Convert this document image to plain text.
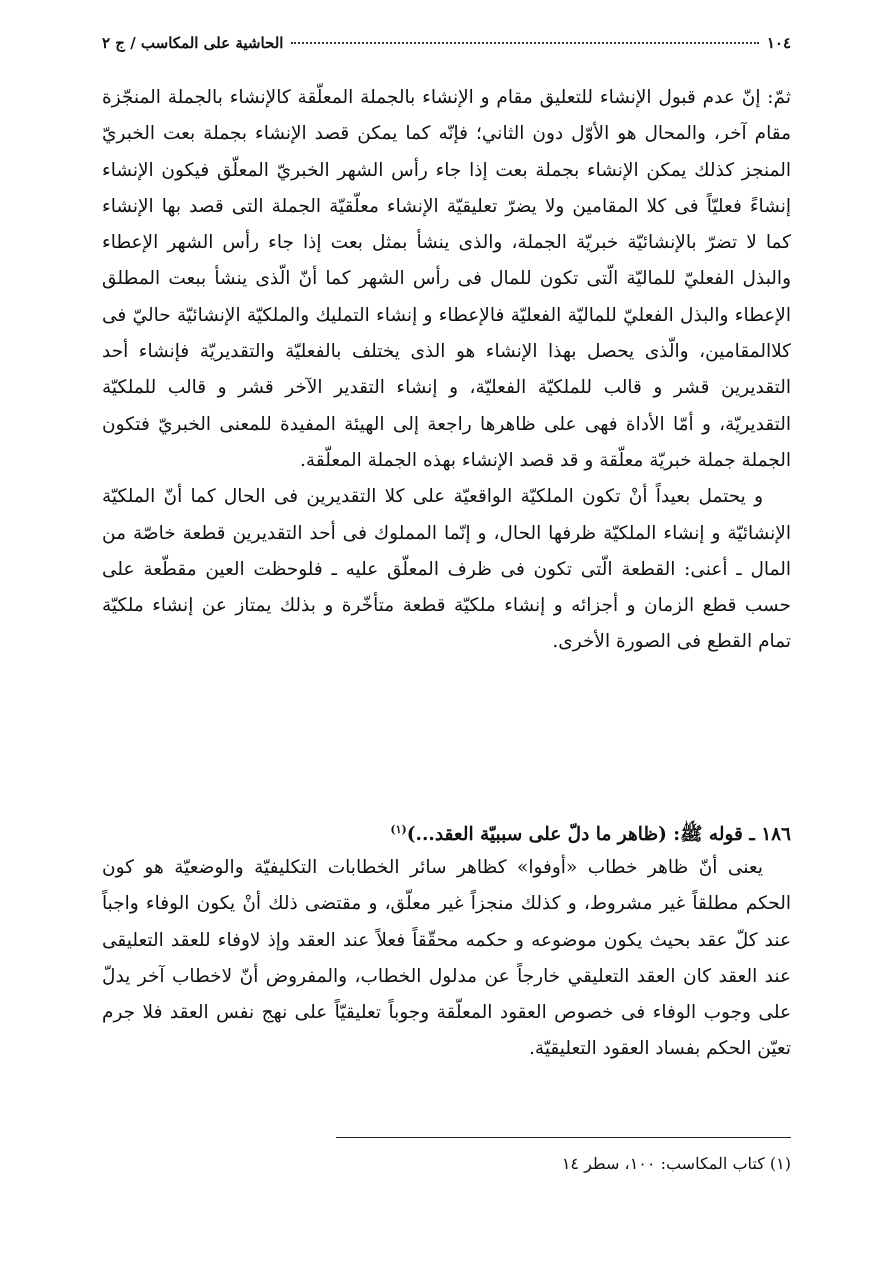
١٠٤
الحاشية على المكاسب / ج ٢

ثمّ: إنّ عدم قبول الإنشاء للتعليق مقام و الإنشاء بالجملة المعلّقة كالإنشاء بالجملة المنجّزة مقام آخر، والمحال هو الأوّل دون الثاني؛ فإنّه كما يمكن قصد الإنشاء بجملة بعت الخبريّ المنجز كذلك يمكن الإنشاء بجملة بعت إذا جاء رأس الشهر الخبريّ المعلّق فيكون الإنشاء إنشاءً فعليّاً فى كلا المقامين ولا يضرّ تعليقيّة الإنشاء معلّقيّة الجملة التى قصد بها الإنشاء كما لا تضرّ بالإنشائيّة خبريّة الجملة، والذى ينشأ بمثل بعت إذا جاء رأس الشهر الإعطاء والبذل الفعليّ للماليّة الّتى تكون للمال فى رأس الشهر كما أنّ الّذى ينشأ ببعت المطلق الإعطاء والبذل الفعليّ للماليّة الفعليّة فالإعطاء و إنشاء التمليك والملكيّة الإنشائيّة حاليّ فى كلاالمقامين، والّذى يحصل بهذا الإنشاء هو الذى يختلف بالفعليّة والتقديريّة فإنشاء أحد التقديرين قشر و قالب للملكيّة الفعليّة، و إنشاء التقدير الآخر قشر و قالب للملكيّة التقديريّة، و أمّا الأداة فهى على ظاهرها راجعة إلى الهيئة المفيدة للمعنى الخبريّ فتكون الجملة جملة خبريّة معلّقة و قد قصد الإنشاء بهذه الجملة المعلّقة.

و يحتمل بعيداً أنْ تكون الملكيّة الواقعيّة على كلا التقديرين فى الحال كما أنّ الملكيّة الإنشائيّة و إنشاء الملكيّة ظرفها الحال، و إنّما المملوك فى أحد التقديرين قطعة خاصّة من المال ـ أعنى: القطعة الّتى تكون فى ظرف المعلّق عليه ـ فلوحظت العين مقطّعة على حسب قطع الزمان و أجزائه و إنشاء ملكيّة قطعة متأخّرة و بذلك يمتاز عن إنشاء ملكيّة تمام القطع فى الصورة الأخرى.

١٨٦ ـ قوله ﷺ: (ظاهر ما دلّ على سببيّة العقد...)$^{(١)}$

يعنى أنّ ظاهر خطاب «أوفوا» كظاهر سائر الخطابات التكليفيّة والوضعيّة هو كون الحكم مطلقاً غير مشروط، و كذلك منجزاً غير معلّق، و مقتضى ذلك أنْ يكون الوفاء واجباً عند كلّ عقد بحيث يكون موضوعه و حكمه محقّقاً فعلاً عند العقد وإذ لاوفاء للعقد التعليقى عند العقد كان العقد التعليقي خارجاً عن مدلول الخطاب، والمفروض أنّ لاخطاب آخر يدلّ على وجوب الوفاء فى خصوص العقود المعلّقة وجوباً تعليقيّاً على نهج نفس العقد فلا جرم تعيّن الحكم بفساد العقود التعليقيّة.

(١) كتاب المكاسب: ١٠٠، سطر ١٤
